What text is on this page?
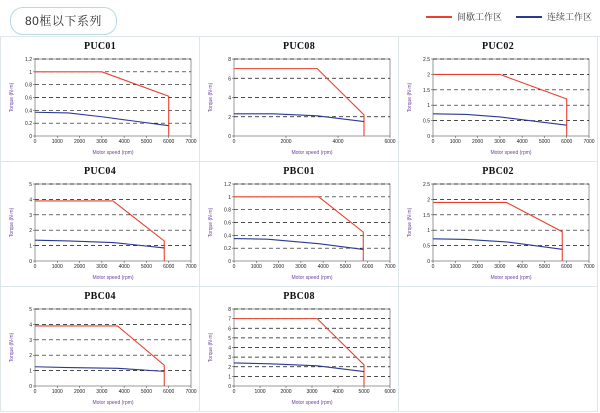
80框以下系列	间歇工作区	连续工作区
PUC01
0
0.2
0.4
0.6
0.8
1
1.2
0	1000 2000 3000 4000 5000 6000 7000
Motor speed (rpm)
Torque (N·m)
PUC08
0
2
4
6
8
0	2000	4000	6000
Motor speed (rpm)
Torque (N·m)
PUC02
0
0.5
1
1.5
2
2.5
0	1000 2000 3000 4000 5000 6000 7000
Motor speed (rpm)
Torque (N·m)
PUC04
0
1
2
3
4
5
0	1000 2000 3000 4000 5000 6000 7000
Motor speed (rpm)
Torque (N·m)
PBC01
0
0.2
0.4
0.6
0.8
1
1.2
0	1000 2000 3000 4000 5000 6000 7000
Motor speed (rpm)
Torque (N·m)
PBC02
0
0.5
1
1.5
2
2.5
0	1000 2000 3000 4000 5000 6000 7000
Motor speed (rpm)
Torque (N·m)
PBC04
0
1
2
3
4
5
0	1000 2000 3000 4000 5000 6000 7000
Motor speed (rpm)
Torque (N·m)
PBC08
0
1
2
3
4
5
6
7
8
0	1000	2000	3000	4000	5000	6000
Motor speed (rpm)
Torque (N·m)
